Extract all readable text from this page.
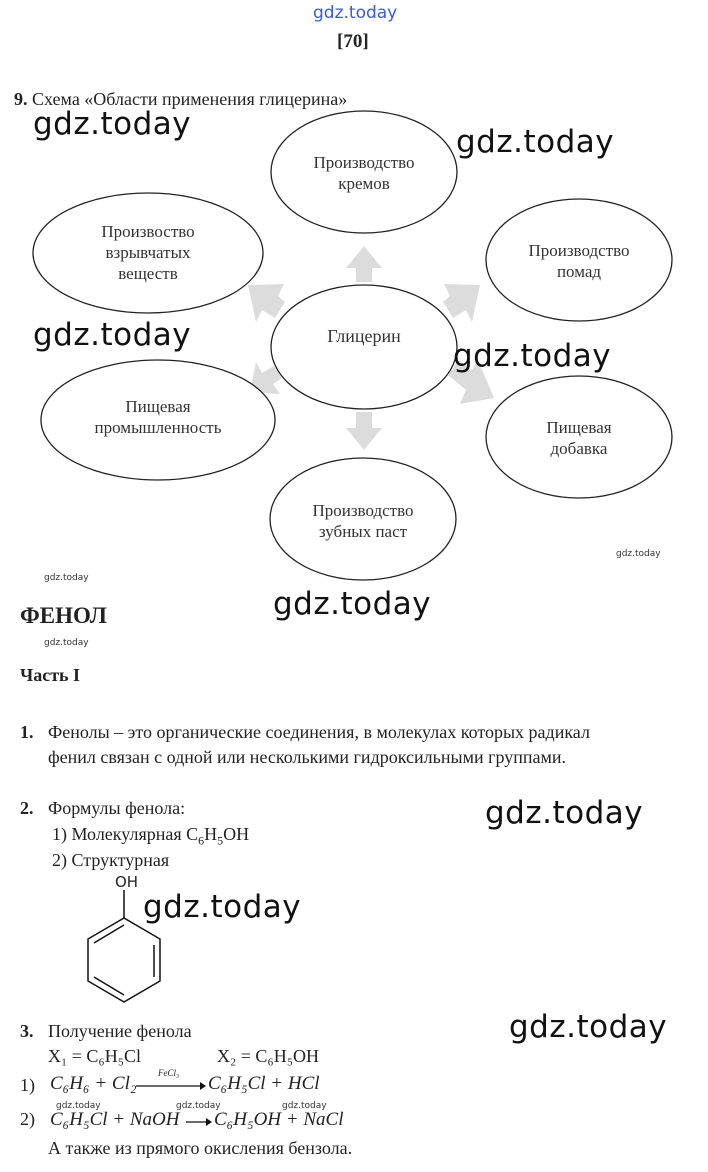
gdz.today
[70]
9. Схема «Области применения глицерина»
Глицерин
Производство
кремов
Произвоство
взрывчатых
веществ
Производство
помад
Пищевая
промышленность	Пищевая
добавка
Производство
зубных паст
gdz.today	gdz.today
gdz.today
gdz.today
gdz.today
gdz.today
gdz.today
gdz.today
gdz.today
gdz.today
gdz.today
gdz.today	gdz.today	gdz.today
ФЕНОЛ
Часть I
1. Фенолы – это органические соединения, в молекулах которых радикал
фенил связан с одной или несколькими гидроксильными группами.
2. Формулы фенола:
1) Молекулярная $C_6H_5OH$
2) Структурная
OH
3. Получение фенола
X₁ = C₆H₅Cl	X₂ = C₆H₅OH
1) C₆H₆ + Cl₂ FeCl₃ C₆H₅Cl + HCl
2) C₆H₅Cl + NaOH C₆H₅OH + NaCl
А также из прямого окисления бензола.
